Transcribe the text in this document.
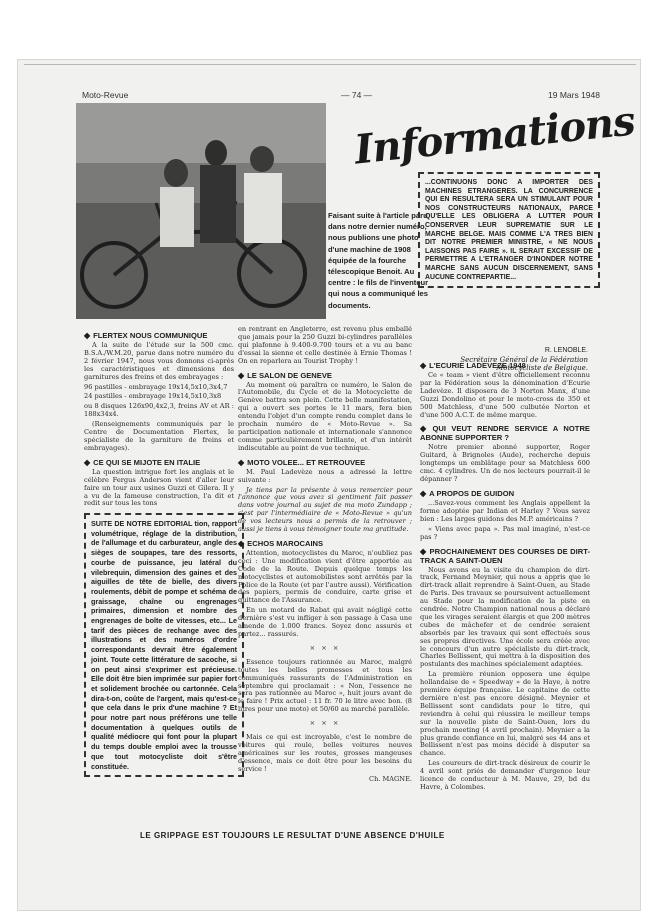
Moto-Revue	— 74 —	19 Mars 1948
Informations
Faisant suite à l'article paru dans notre dernier numéro, nous publions une photo d'une machine de 1908 équipée de la fourche télescopique Benoit. Au centre : le fils de l'inventeur qui nous a communiqué les documents.
...CONTINUONS DONC A IMPORTER DES MACHINES ETRANGERES. LA CONCURRENCE QUI EN RESULTERA SERA UN STIMULANT POUR NOS CONSTRUCTEURS NATIONAUX, PARCE QU'ELLE LES OBLIGERA A LUTTER POUR CONSERVER LEUR SUPREMATIE SUR LE MARCHE BELGE. MAIS COMME L'A TRES BIEN DIT NOTRE PREMIER MINISTRE, « NE NOUS LAISSONS PAS FAIRE ». IL SERAIT EXCESSIF DE PERMETTRE A L'ETRANGER D'INONDER NOTRE MARCHE SANS AUCUN DISCERNEMENT, SANS AUCUNE CONTREPARTIE...
R. LENOBLE.
Secrétaire Général de la Fédération Motocycliste de Belgique.
◆ FLERTEX NOUS COMMUNIQUE

A la suite de l'étude sur la 500 cmc. B.S.A./W.M.20, parue dans notre numéro du 2 février 1947, nous vous donnons ci-après les caractéristiques et dimensions des garnitures des freins et des embrayages :

96 pastilles - embrayage 19x14,5x10,3x4,7

24 pastilles - embrayage 19x14,5x10,3x8

ou 8 disques 126x90,4x2,3, freins AV et AR : 188x34x4.

(Renseignements communiqués par le Centre de Documentation Flertex, le spécialiste de la garniture de freins et embrayages).

◆ CE QUI SE MIJOTE EN ITALIE

La question intrigue fort les anglais et le célèbre Fergus Anderson vient d'aller leur faire un tour aux usines Guzzi et Gilera. Il y a vu de la fameuse construction, l'a dit et redit sur tous les tons

SUITE DE NOTRE EDITORIAL tion, rapport volumétrique, réglage de la distribution, de l'allumage et du carburateur, angle des sièges de soupapes, tare des ressorts, courbe de puissance, jeu latéral du vilebrequin, dimension des gaines et des aiguilles de tête de bielle, des divers roulements, débit de pompe et schéma de graissage, chaîne ou engrenages primaires, dimension et nombre des engrenages de boîte de vitesses, etc... Le tarif des pièces de rechange avec des illustrations et des numéros d'ordre correspondants devrait être également joint. Toute cette littérature de sacoche, si on peut ainsi s'exprimer est précieuse. Elle doit être bien imprimée sur papier fort et solidement brochée ou cartonnée. Cela dira-t-on, coûte de l'argent, mais qu'est-ce que cela dans le prix d'une machine ? Et pour notre part nous préférons une telle documentation à quelques outils de qualité médiocre qui font pour la plupart du temps double emploi avec la trousse que tout motocycliste doit s'être constituée.

en rentrant en Angleterre, est revenu plus emballé que jamais pour la 250 Guzzi bi-cylindres parallèles qui plafonne à 9.400-9.700 tours et a vu au banc d'essai la sienne et celle destinée à Ernie Thomas ! On en reparlera au Tourist Trophy !

◆ LE SALON DE GENEVE

Au moment où paraîtra ce numéro, le Salon de l'Automobile, du Cycle et de la Motocyclette de Genève battra son plein. Cette belle manifestation, qui a ouvert ses portes le 11 mars, fera bien entendu l'objet d'un compte rendu complet dans le prochain numéro de « Moto-Revue ». Sa participation nationale et internationale s'annonce comme particulièrement brillante, et d'un intérêt indiscutable au point de vue technique.

◆ MOTO VOLEE... ET RETROUVEE

M. Paul Ladevèze nous a adressé la lettre suivante :

Je tiens par la présente à vous remercier pour l'annonce que vous avez si gentiment fait passer dans votre journal au sujet de ma moto Zundapp ; c'est par l'intermédiaire de « Moto-Revue » qu'un de vos lecteurs nous a permis de la retrouver ; aussi je tiens à vous témoigner toute ma gratitude.

◆ ECHOS MAROCAINS

Attention, motocyclistes du Maroc, n'oubliez pas ceci : Une modification vient d'être apportée au Code de la Route. Depuis quelque temps les motocyclistes et automobilistes sont arrêtés par la Police de la Route (et par l'autre aussi). Vérification des papiers, permis de conduire, carte grise et quittance de l'Assurance.

En un motard de Rabat qui avait négligé cette dernière s'est vu infliger à son passage à Casa une amende de 1.000 francs. Soyez donc assurés et partez... rassurés.

× × ×

Essence toujours rationnée au Maroc, malgré toutes les belles promesses et tous les communiqués rassurants de l'Administration en septembre qui proclamait : « Non, l'essence ne sera pas rationnée au Maroc », huit jours avant de le faire ! Prix actuel : 11 fr. 70 le litre avec bon. (8 litres pour une moto) et 50/60 au marché parallèle.

× × ×

Mais ce qui est incroyable, c'est le nombre de voitures qui roule, belles voitures neuves américaines sur les routes, grosses mangeuses d'essence, mais ce doit être pour les besoins du service !

Ch. MAGNE.
◆ L'ECURIE LADEVEZE 1948

Ce « team » vient d'être officiellement reconnu par la Fédération sous la dénomination d'Ecurie Ladevèze. Il disposera de 3 Norton Manx, d'une Guzzi Dondolino et pour le moto-cross de 350 et 500 Matchless, d'une 500 culbutée Norton et d'une 500 A.C.T. de même marque.

◆ QUI VEUT RENDRE SERVICE A NOTRE ABONNE SUPPORTER ?

Notre premier abonné supporter, Roger Guitard, à Brignoles (Aude), recherche depuis longtemps un emblâtage pour sa Matchless 600 cmc. 4 cylindres. Un de nos lecteurs pourrait-il le dépanner ?

◆ A PROPOS DE GUIDON

...Savez-vous comment les Anglais appellent la forme adoptée par Indian et Harley ? Vous savez bien : Les larges guidons des M.P. américains ?

« Viens avec papa ». Pas mal imaginé, n'est-ce pas ?

◆ PROCHAINEMENT DES COURSES DE DIRT-TRACK A SAINT-OUEN

Nous avons eu la visite du champion de dirt-track, Fernand Meynier, qui nous a appris que le dirt-track allait reprendre à Saint-Ouen, au Stade de Paris. Des travaux se poursuivent actuellement au Stade pour la modification de la piste en cendrée. Notre Champion national nous a déclaré que les virages seraient élargis et que 200 mètres cubes de mâchefer et de cendrée seraient absorbés par les travaux qui sont effectués sous ses propres directives. Une école sera créée avec le concours d'un autre spécialiste du dirt-track, Charles Bellissent, qui mettra à la disposition des postulants des machines spécialement adaptées.

La première réunion opposera une équipe hollandaise de « Speedway » de la Haye, à notre première équipe française. Le capitaine de cette dernière n'est pas encore désigné. Meynier et Bellissent sont candidats pour le titre, qui reviendra à celui qui réussira le meilleur temps sur la nouvelle piste de Saint-Ouen, lors du prochain meeting (4 avril prochain). Meynier a la plus grande confiance en lui, malgré ses 44 ans et Bellissent n'est pas moins décidé à disputer sa chance.

Les coureurs de dirt-track désireux de courir le 4 avril sont priés de demander d'urgence leur licence de conducteur à M. Mauve, 29, bd du Havre, à Colombes.

LE GRIPPAGE EST TOUJOURS LE RESULTAT D'UNE ABSENCE D'HUILE
